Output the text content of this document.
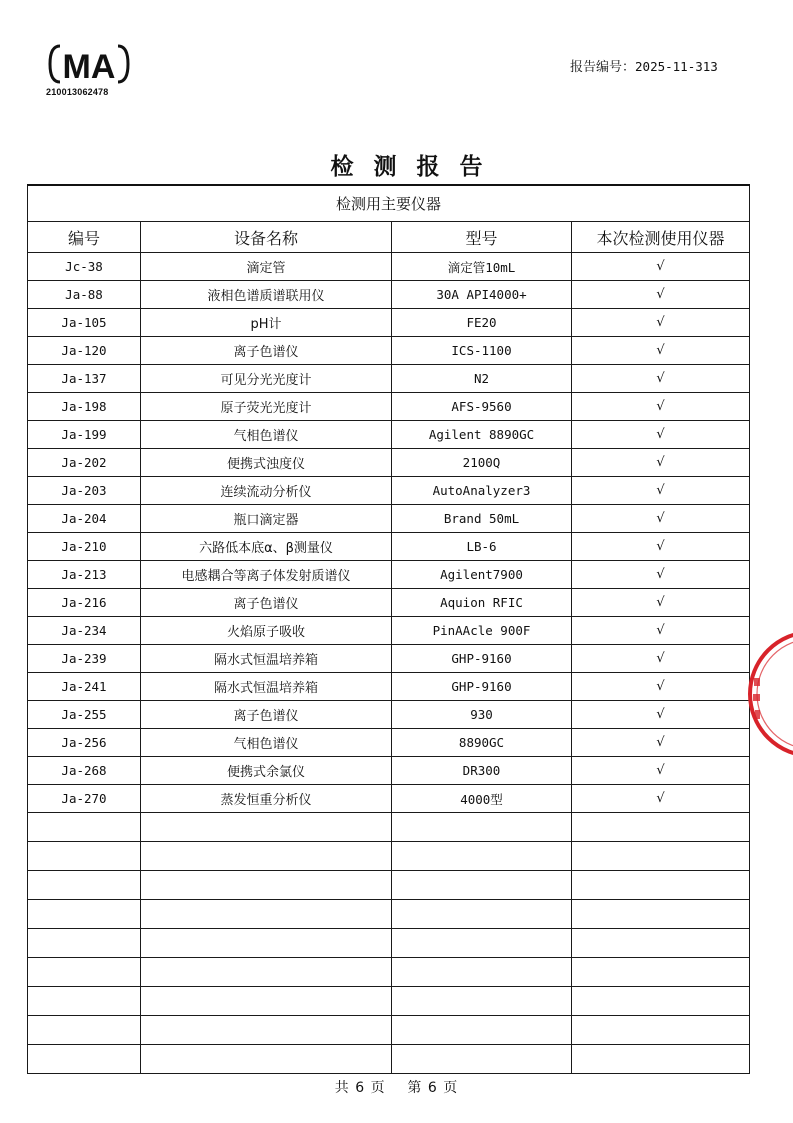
MA
210013062478
报告编号：2025-11-313
检测报告
检测用主要仪器			
编号	设备名称	型号	本次检测使用仪器
Jc-38	滴定管	滴定管10mL	√
Ja-88	液相色谱质谱联用仪	30A API4000+	√
Ja-105	pH计	FE20	√
Ja-120	离子色谱仪	ICS-1100	√
Ja-137	可见分光光度计	N2	√
Ja-198	原子荧光光度计	AFS-9560	√
Ja-199	气相色谱仪	Agilent 8890GC	√
Ja-202	便携式浊度仪	2100Q	√
Ja-203	连续流动分析仪	AutoAnalyzer3	√
Ja-204	瓶口滴定器	Brand 50mL	√
Ja-210	六路低本底α、β测量仪	LB-6	√
Ja-213	电感耦合等离子体发射质谱仪	Agilent7900	√
Ja-216	离子色谱仪	Aquion RFIC	√
Ja-234	火焰原子吸收	PinAAcle 900F	√
Ja-239	隔水式恒温培养箱	GHP-9160	√
Ja-241	隔水式恒温培养箱	GHP-9160	√
Ja-255	离子色谱仪	930	√
Ja-256	气相色谱仪	8890GC	√
Ja-268	便携式余氯仪	DR300	√
Ja-270	蒸发恒重分析仪	4000型	√

共 6 页 第 6 页
